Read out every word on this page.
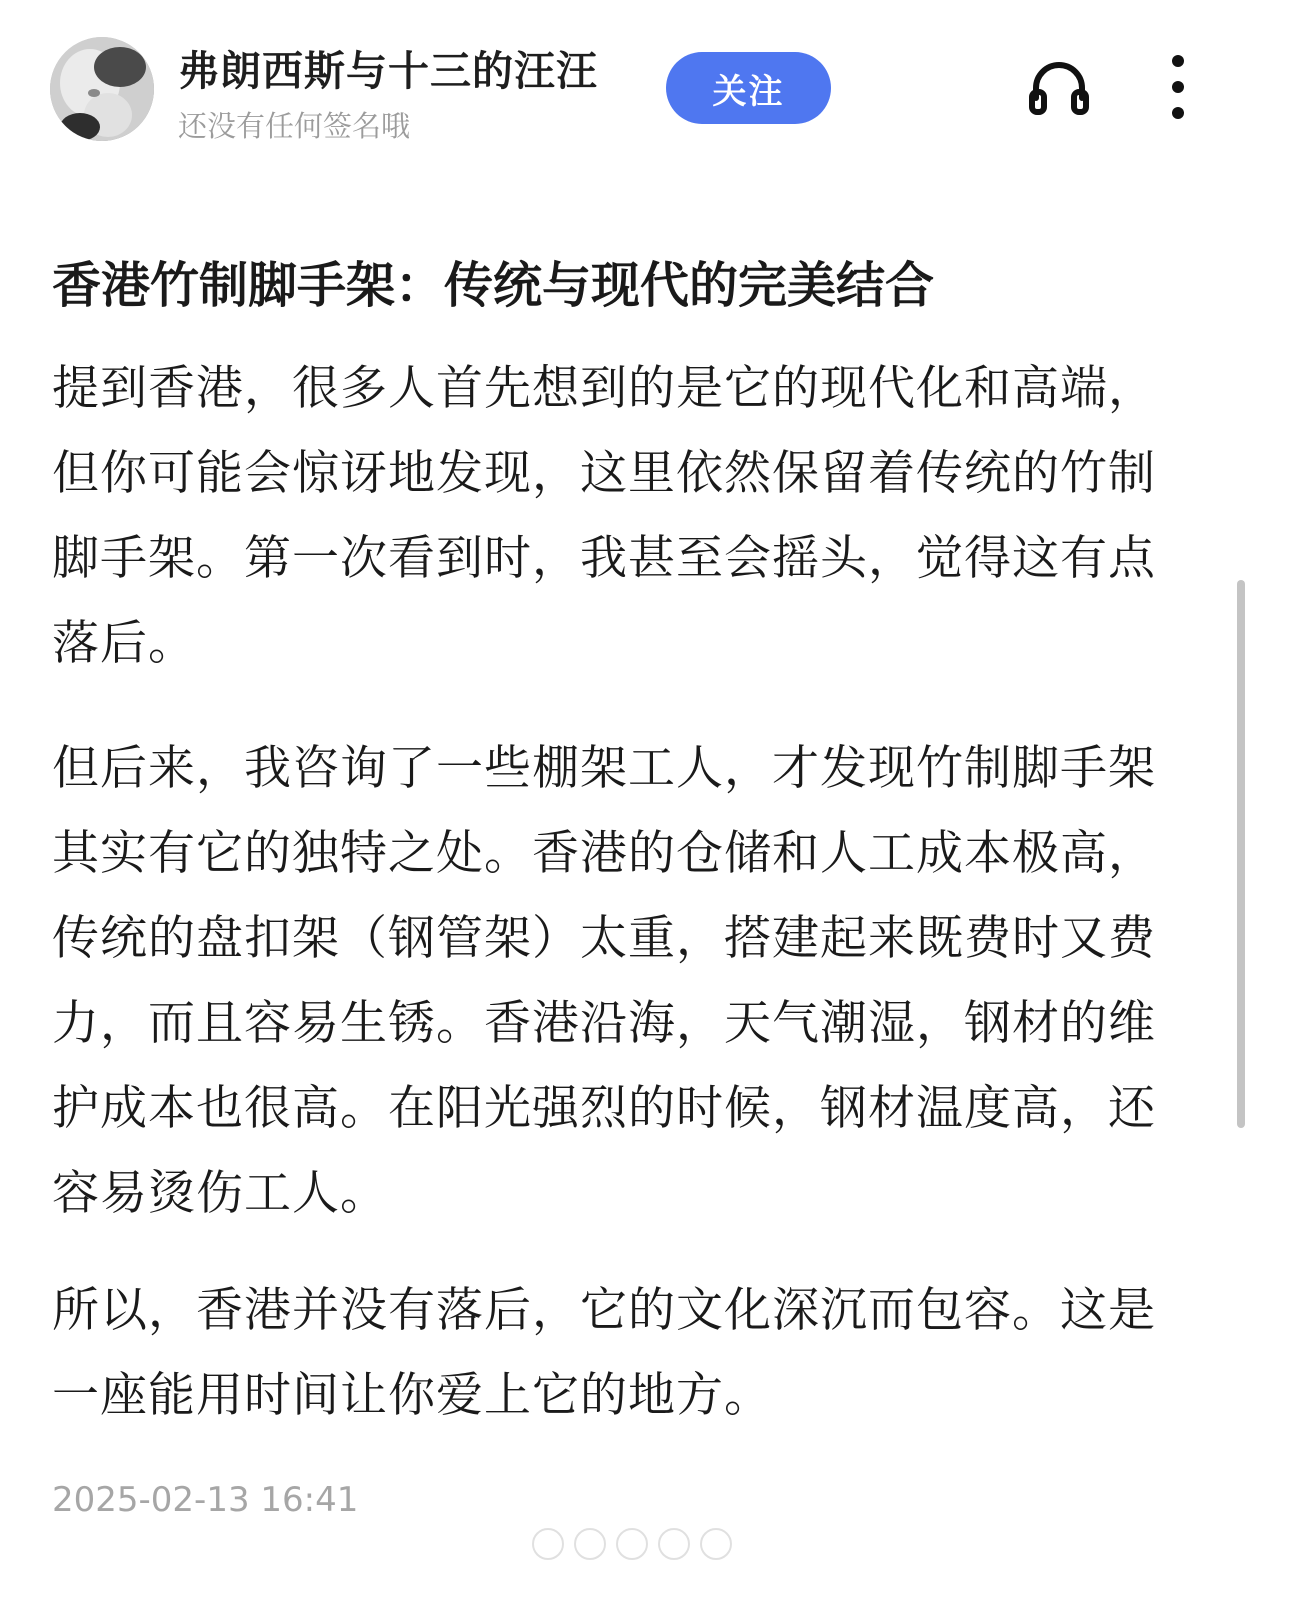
弗朗西斯与十三的汪汪
还没有任何签名哦
关注
香港竹制脚手架：传统与现代的完美结合

提到香港，很多人首先想到的是它的现代化和高端，但你可能会惊讶地发现，这里依然保留着传统的竹制脚手架。第一次看到时，我甚至会摇头，觉得这有点落后。

但后来，我咨询了一些棚架工人，才发现竹制脚手架其实有它的独特之处。香港的仓储和人工成本极高，传统的盘扣架（钢管架）太重，搭建起来既费时又费力，而且容易生锈。香港沿海，天气潮湿，钢材的维护成本也很高。在阳光强烈的时候，钢材温度高，还容易烫伤工人。

所以，香港并没有落后，它的文化深沉而包容。这是一座能用时间让你爱上它的地方。

2025-02-13 16:41
